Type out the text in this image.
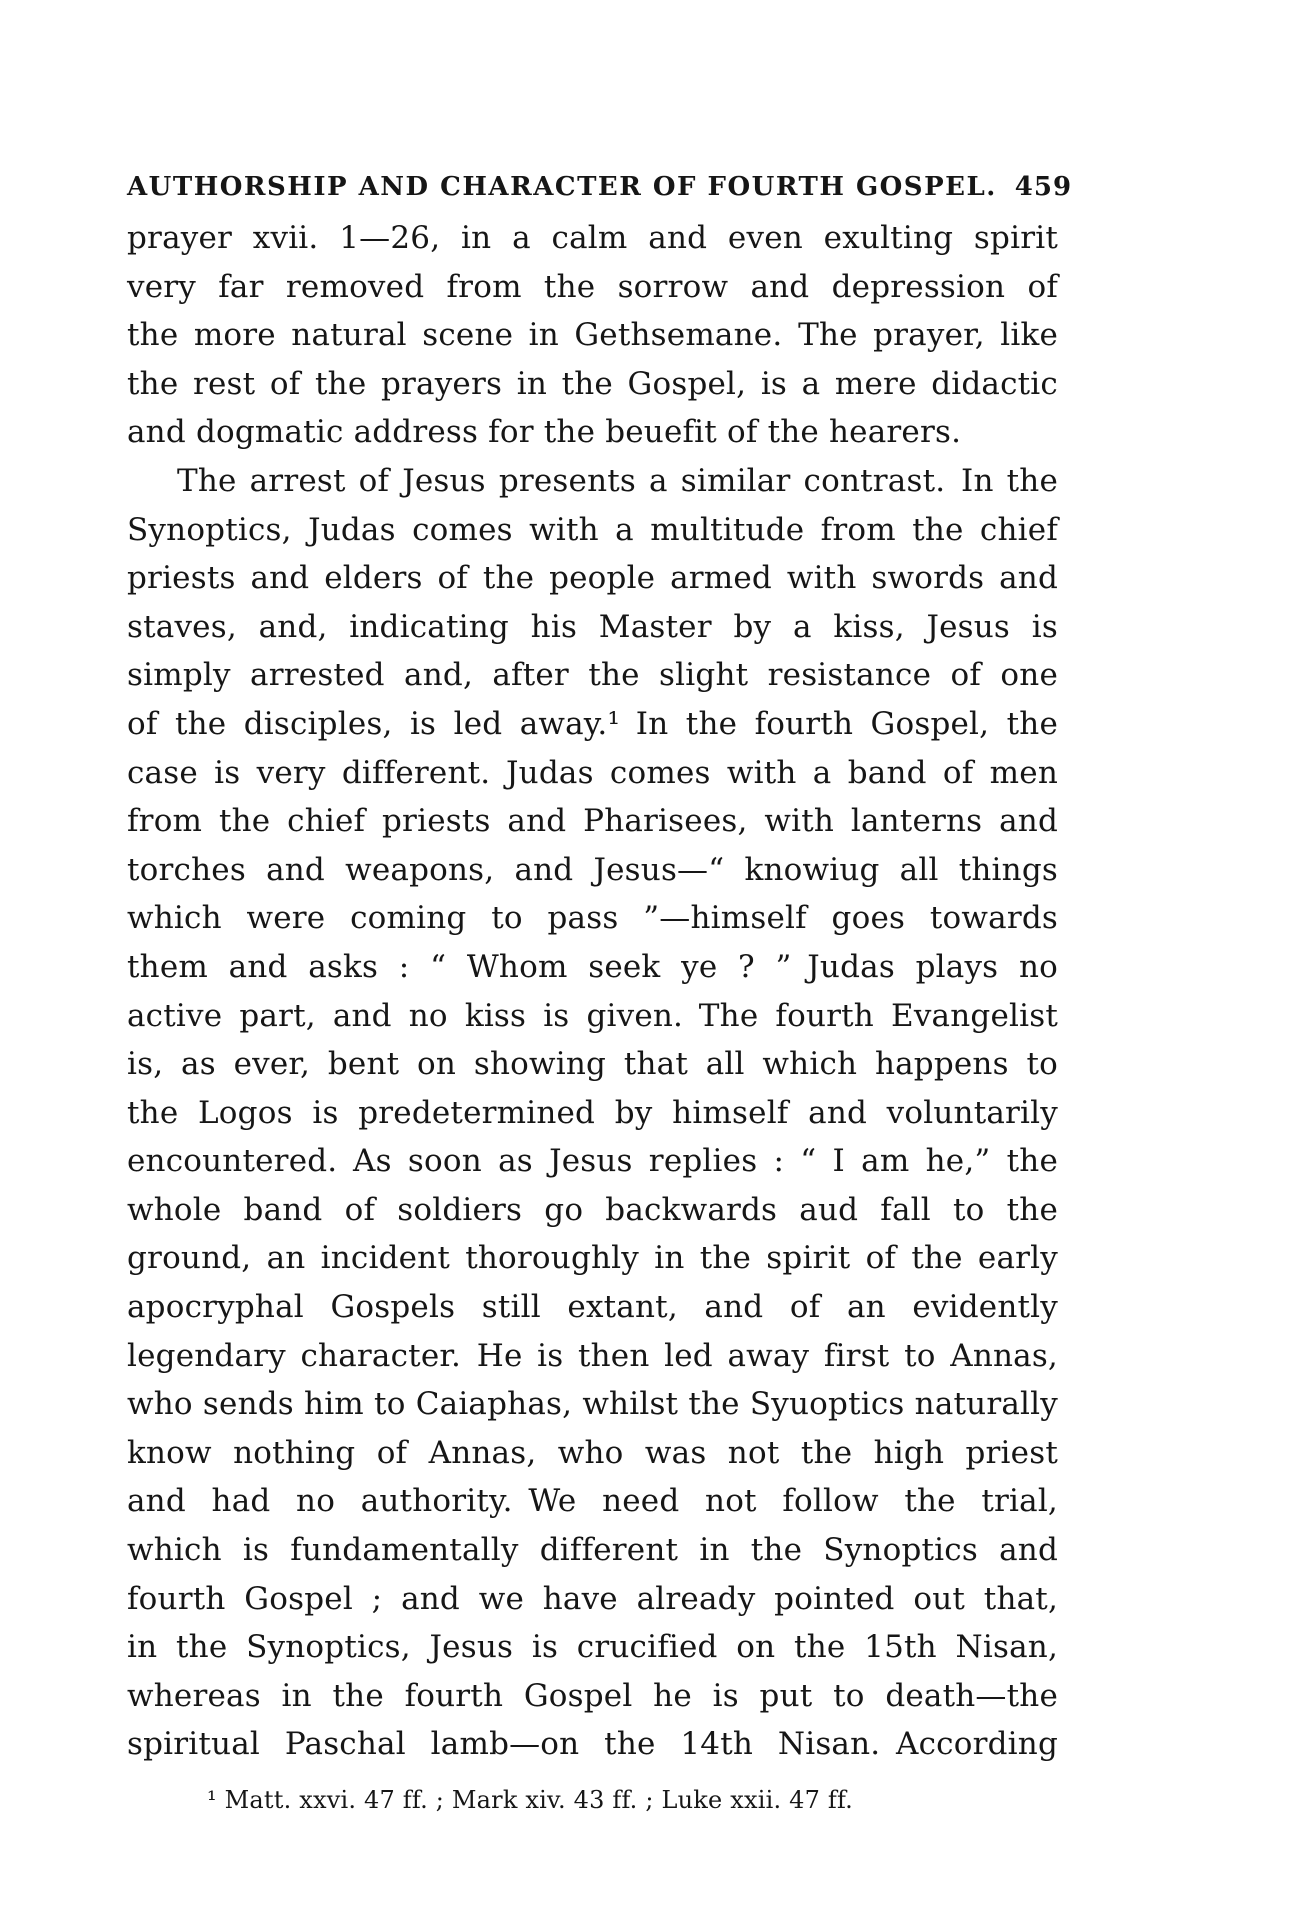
AUTHORSHIP AND CHARACTER OF FOURTH GOSPEL. 459
prayer xvii. 1—26, in a calm and even exulting spirit
very far removed from the sorrow and depression of
the more natural scene in Gethsemane. The prayer, like
the rest of the prayers in the Gospel, is a mere didactic
and dogmatic address for the beuefit of the hearers.
The arrest of Jesus presents a similar contrast. In the
Synoptics, Judas comes with a multitude from the chief
priests and elders of the people armed with swords and
staves, and, indicating his Master by a kiss, Jesus is
simply arrested and, after the slight resistance of one
of the disciples, is led away.¹ In the fourth Gospel, the
case is very different. Judas comes with a band of men
from the chief priests and Pharisees, with lanterns and
torches and weapons, and Jesus—“ knowiug all things
which were coming to pass ”—himself goes towards
them and asks : “ Whom seek ye ? ” Judas plays no
active part, and no kiss is given. The fourth Evangelist
is, as ever, bent on showing that all which happens to
the Logos is predetermined by himself and voluntarily
encountered. As soon as Jesus replies : “ I am he,” the
whole band of soldiers go backwards aud fall to the
ground, an incident thoroughly in the spirit of the early
apocryphal Gospels still extant, and of an evidently
legendary character. He is then led away first to Annas,
who sends him to Caiaphas, whilst the Syuoptics naturally
know nothing of Annas, who was not the high priest
and had no authority. We need not follow the trial,
which is fundamentally different in the Synoptics and
fourth Gospel ; and we have already pointed out that,
in the Synoptics, Jesus is crucified on the 15th Nisan,
whereas in the fourth Gospel he is put to death—the
spiritual Paschal lamb—on the 14th Nisan. According
¹ Matt. xxvi. 47 ff. ; Mark xiv. 43 ff. ; Luke xxii. 47 ff.
